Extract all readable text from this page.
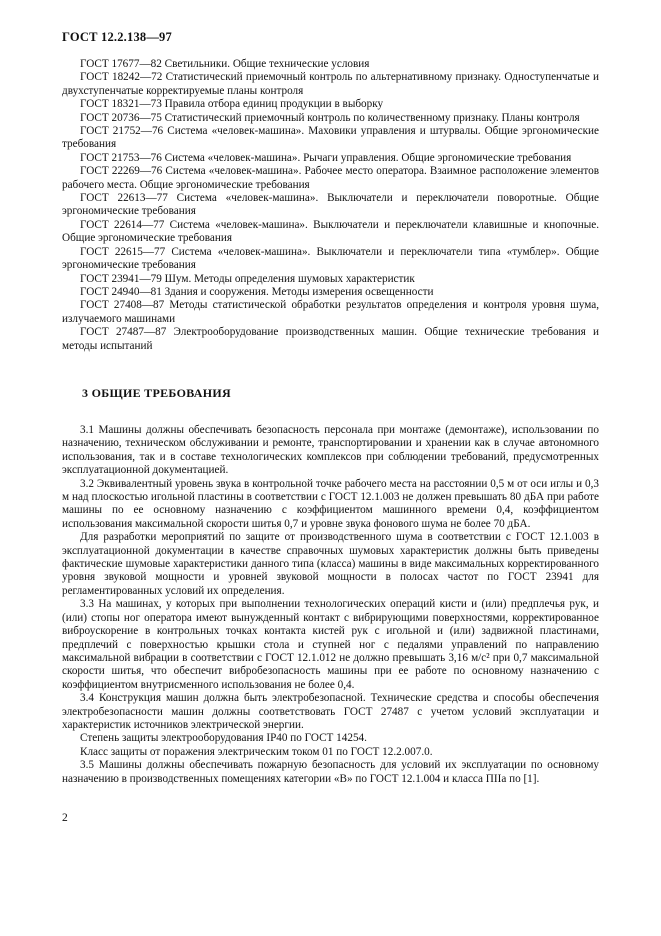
ГОСТ 12.2.138—97

ГОСТ 17677—82 Светильники. Общие технические условия

ГОСТ 18242—72 Статистический приемочный контроль по альтернативному признаку. Одноступенчатые и двухступенчатые корректируемые планы контроля

ГОСТ 18321—73 Правила отбора единиц продукции в выборку

ГОСТ 20736—75 Статистический приемочный контроль по количественному признаку. Планы контроля

ГОСТ 21752—76 Система «человек-машина». Маховики управления и штурвалы. Общие эргономические требования

ГОСТ 21753—76 Система «человек-машина». Рычаги управления. Общие эргономические требования

ГОСТ 22269—76 Система «человек-машина». Рабочее место оператора. Взаимное расположение элементов рабочего места. Общие эргономические требования

ГОСТ 22613—77 Система «человек-машина». Выключатели и переключатели поворотные. Общие эргономические требования

ГОСТ 22614—77 Система «человек-машина». Выключатели и переключатели клавишные и кнопочные. Общие эргономические требования

ГОСТ 22615—77 Система «человек-машина». Выключатели и переключатели типа «тумблер». Общие эргономические требования

ГОСТ 23941—79 Шум. Методы определения шумовых характеристик

ГОСТ 24940—81 Здания и сооружения. Методы измерения освещенности

ГОСТ 27408—87 Методы статистической обработки результатов определения и контроля уровня шума, излучаемого машинами

ГОСТ 27487—87 Электрооборудование производственных машин. Общие технические требования и методы испытаний

3 ОБЩИЕ ТРЕБОВАНИЯ

3.1 Машины должны обеспечивать безопасность персонала при монтаже (демонтаже), использовании по назначению, техническом обслуживании и ремонте, транспортировании и хранении как в случае автономного использования, так и в составе технологических комплексов при соблюдении требований, предусмотренных эксплуатационной документацией.

3.2 Эквивалентный уровень звука в контрольной точке рабочего места на расстоянии 0,5 м от оси иглы и 0,3 м над плоскостью игольной пластины в соответствии с ГОСТ 12.1.003 не должен превышать 80 дБА при работе машины по ее основному назначению с коэффициентом машинного времени 0,4, коэффициентом использования максимальной скорости шитья 0,7 и уровне звука фонового шума не более 70 дБА.

Для разработки мероприятий по защите от производственного шума в соответствии с ГОСТ 12.1.003 в эксплуатационной документации в качестве справочных шумовых характеристик должны быть приведены фактические шумовые характеристики данного типа (класса) машины в виде максимальных корректированного уровня звуковой мощности и уровней звуковой мощности в полосах частот по ГОСТ 23941 для регламентированных условий их определения.

3.3 На машинах, у которых при выполнении технологических операций кисти и (или) предплечья рук, и (или) стопы ног оператора имеют вынужденный контакт с вибрирующими поверхностями, корректированное виброускорение в контрольных точках контакта кистей рук с игольной и (или) задвижной пластинами, предплечий с поверхностью крышки стола и ступней ног с педалями управлений по направлению максимальной вибрации в соответствии с ГОСТ 12.1.012 не должно превышать 3,16 м/с² при 0,7 максимальной скорости шитья, что обеспечит вибробезопасность машины при ее работе по основному назначению с коэффициентом внутрисменного использования не более 0,4.

3.4 Конструкция машин должна быть электробезопасной. Технические средства и способы обеспечения электробезопасности машин должны соответствовать ГОСТ 27487 с учетом условий эксплуатации и характеристик источников электрической энергии.

Степень защиты электрооборудования IP40 по ГОСТ 14254.

Класс защиты от поражения электрическим током 01 по ГОСТ 12.2.007.0.

3.5 Машины должны обеспечивать пожарную безопасность для условий их эксплуатации по основному назначению в производственных помещениях категории «В» по ГОСТ 12.1.004 и класса ПIIа по [1].

2
